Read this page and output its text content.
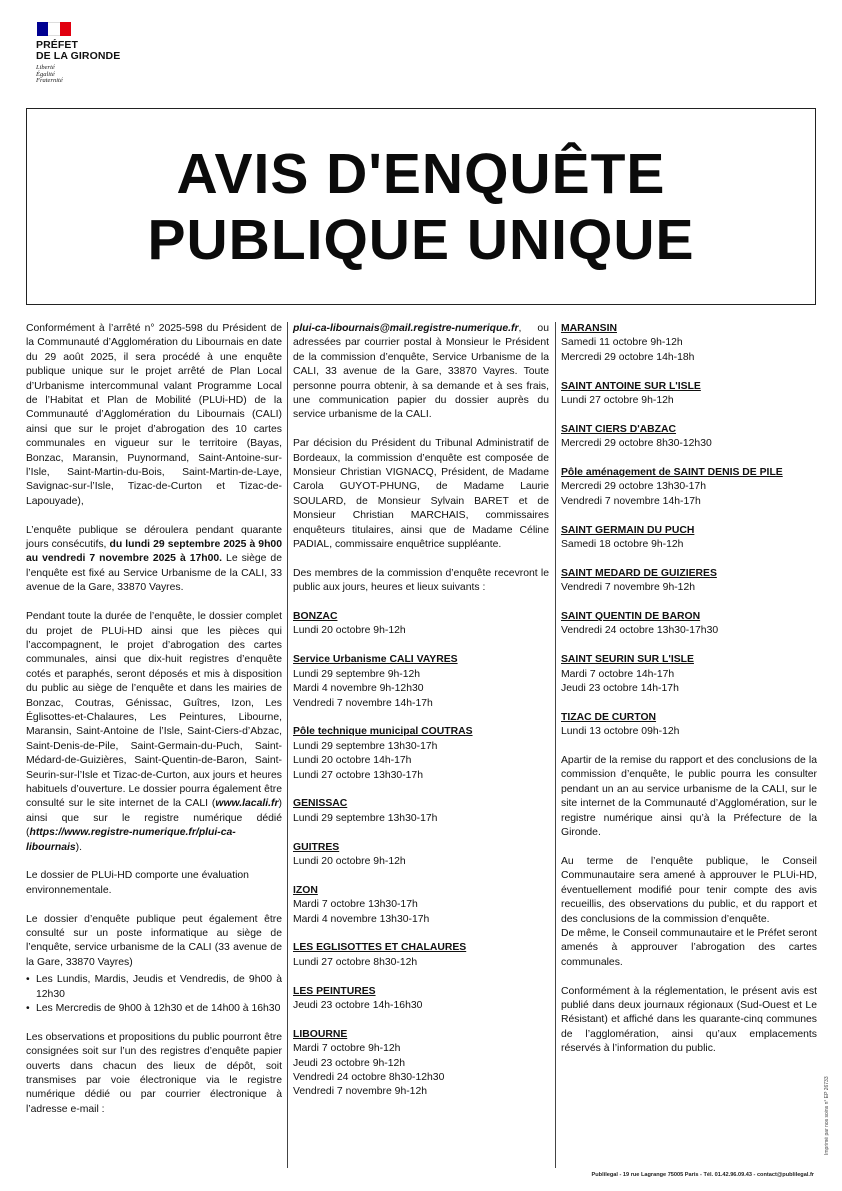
PRÉFET
DE LA GIRONDE
Liberté
Égalité
Fraternité
AVIS D'ENQUÊTE
PUBLIQUE UNIQUE

Conformément à l’arrêté n° 2025-598 du Président de la Communauté d’Agglomération du Libournais en date du 29 août 2025, il sera procédé à une enquête publique unique sur le projet arrêté de Plan Local d’Urbanisme intercommunal valant Programme Local de l’Habitat et Plan de Mobilité (PLUi-HD) de la Communauté d’Agglomération du Libournais (CALI) ainsi que sur le projet d’abrogation des 10 cartes communales en vigueur sur le territoire (Bayas, Bonzac, Maransin, Puynormand, Saint-Antoine-sur-l’Isle, Saint-Martin-du-Bois, Saint-Martin-de-Laye, Savignac-sur-l’Isle, Tizac-de-Curton et Tizac-de-Lapouyade),

L’enquête publique se déroulera pendant quarante jours consécutifs, du lundi 29 septembre 2025 à 9h00 au vendredi 7 novembre 2025 à 17h00. Le siège de l’enquête est fixé au Service Urbanisme de la CALI, 33 avenue de la Gare, 33870 Vayres.

Pendant toute la durée de l’enquête, le dossier complet du projet de PLUi-HD ainsi que les pièces qui l’accompagnent, le projet d’abrogation des cartes communales, ainsi que dix-huit registres d’enquête cotés et paraphés, seront déposés et mis à disposition du public au siège de l’enquête et dans les mairies de Bonzac, Coutras, Génissac, Guîtres, Izon, Les Églisottes-et-Chalaures, Les Peintures, Libourne, Maransin, Saint-Antoine de l’Isle, Saint-Ciers-d’Abzac, Saint-Denis-de-Pile, Saint-Germain-du-Puch, Saint-Médard-de-Guizières, Saint-Quentin-de-Baron, Saint-Seurin-sur-l’Isle et Tizac-de-Curton, aux jours et heures habituels d’ouverture. Le dossier pourra également être consulté sur le site internet de la CALI (www.lacali.fr) ainsi que sur le registre numérique dédié (https://www.registre-numerique.fr/plui-ca-libournais).

Le dossier de PLUi-HD comporte une évaluation environnementale.

Le dossier d’enquête publique peut également être consulté sur un poste informatique au siège de l’enquête, service urbanisme de la CALI (33 avenue de la Gare, 33870 Vayres)

• Les Lundis, Mardis, Jeudis et Vendredis, de 9h00 à 12h30
• Les Mercredis de 9h00 à 12h30 et de 14h00 à 16h30

Les observations et propositions du public pourront être consignées soit sur l’un des registres d’enquête papier ouverts dans chacun des lieux de dépôt, soit transmises par voie électronique via le registre numérique dédié ou par courrier électronique à l’adresse e-mail :

plui-ca-libournais@mail.registre-numerique.fr, ou adressées par courrier postal à Monsieur le Président de la commission d’enquête, Service Urbanisme de la CALI, 33 avenue de la Gare, 33870 Vayres. Toute personne pourra obtenir, à sa demande et à ses frais, une communication papier du dossier auprès du service urbanisme de la CALI.

Par décision du Président du Tribunal Administratif de Bordeaux, la commission d’enquête est composée de Monsieur Christian VIGNACQ, Président, de Madame Carola GUYOT-PHUNG, de Madame Laurie SOULARD, de Monsieur Sylvain BARET et de Monsieur Christian MARCHAIS, commissaires enquêteurs titulaires, ainsi que de Madame Céline PADIAL, commissaire enquêtrice suppléante.

Des membres de la commission d’enquête recevront le public aux jours, heures et lieux suivants :

BONZAC
Lundi 20 octobre 9h-12h
Service Urbanisme CALI VAYRES
Lundi 29 septembre 9h-12h
Mardi 4 novembre 9h-12h30
Vendredi 7 novembre 14h-17h
Pôle technique municipal COUTRAS
Lundi 29 septembre 13h30-17h
Lundi 20 octobre 14h-17h
Lundi 27 octobre 13h30-17h
GENISSAC
Lundi 29 septembre 13h30-17h
GUITRES
Lundi 20 octobre 9h-12h
IZON
Mardi 7 octobre 13h30-17h
Mardi 4 novembre 13h30-17h
LES EGLISOTTES ET CHALAURES
Lundi 27 octobre 8h30-12h
LES PEINTURES
Jeudi 23 octobre 14h-16h30
LIBOURNE
Mardi 7 octobre 9h-12h
Jeudi 23 octobre 9h-12h
Vendredi 24 octobre 8h30-12h30
Vendredi 7 novembre 9h-12h
MARANSIN
Samedi 11 octobre 9h-12h
Mercredi 29 octobre 14h-18h
SAINT ANTOINE SUR L'ISLE
Lundi 27 octobre 9h-12h
SAINT CIERS D'ABZAC
Mercredi 29 octobre 8h30-12h30
Pôle aménagement de SAINT DENIS DE PILE
Mercredi 29 octobre 13h30-17h
Vendredi 7 novembre 14h-17h
SAINT GERMAIN DU PUCH
Samedi 18 octobre 9h-12h
SAINT MEDARD DE GUIZIERES
Vendredi 7 novembre 9h-12h
SAINT QUENTIN DE BARON
Vendredi 24 octobre 13h30-17h30
SAINT SEURIN SUR L'ISLE
Mardi 7 octobre 14h-17h
Jeudi 23 octobre 14h-17h
TIZAC DE CURTON
Lundi 13 octobre 09h-12h

Apartir de la remise du rapport et des conclusions de la commission d’enquête, le public pourra les consulter pendant un an au service urbanisme de la CALI, sur le site internet de la Communauté d’Agglomération, sur le registre numérique ainsi qu’à la Préfecture de la Gironde.

Au terme de l’enquête publique, le Conseil Communautaire sera amené à approuver le PLUi-HD, éventuellement modifié pour tenir compte des avis recueillis, des observations du public, et du rapport et des conclusions de la commission d’enquête.

De même, le Conseil communautaire et le Préfet seront amenés à approuver l’abrogation des cartes communales.

Conformément à la réglementation, le présent avis est publié dans deux journaux régionaux (Sud-Ouest et Le Résistant) et affiché dans les quarante-cinq communes de l’agglomération, ainsi qu’aux emplacements réservés à l’information du public.

Publilegal - 19 rue Lagrange 75005 Paris - Tél. 01.42.96.09.43 - contact@publilegal.fr
Imprimé par nos soins n° EP 26733
